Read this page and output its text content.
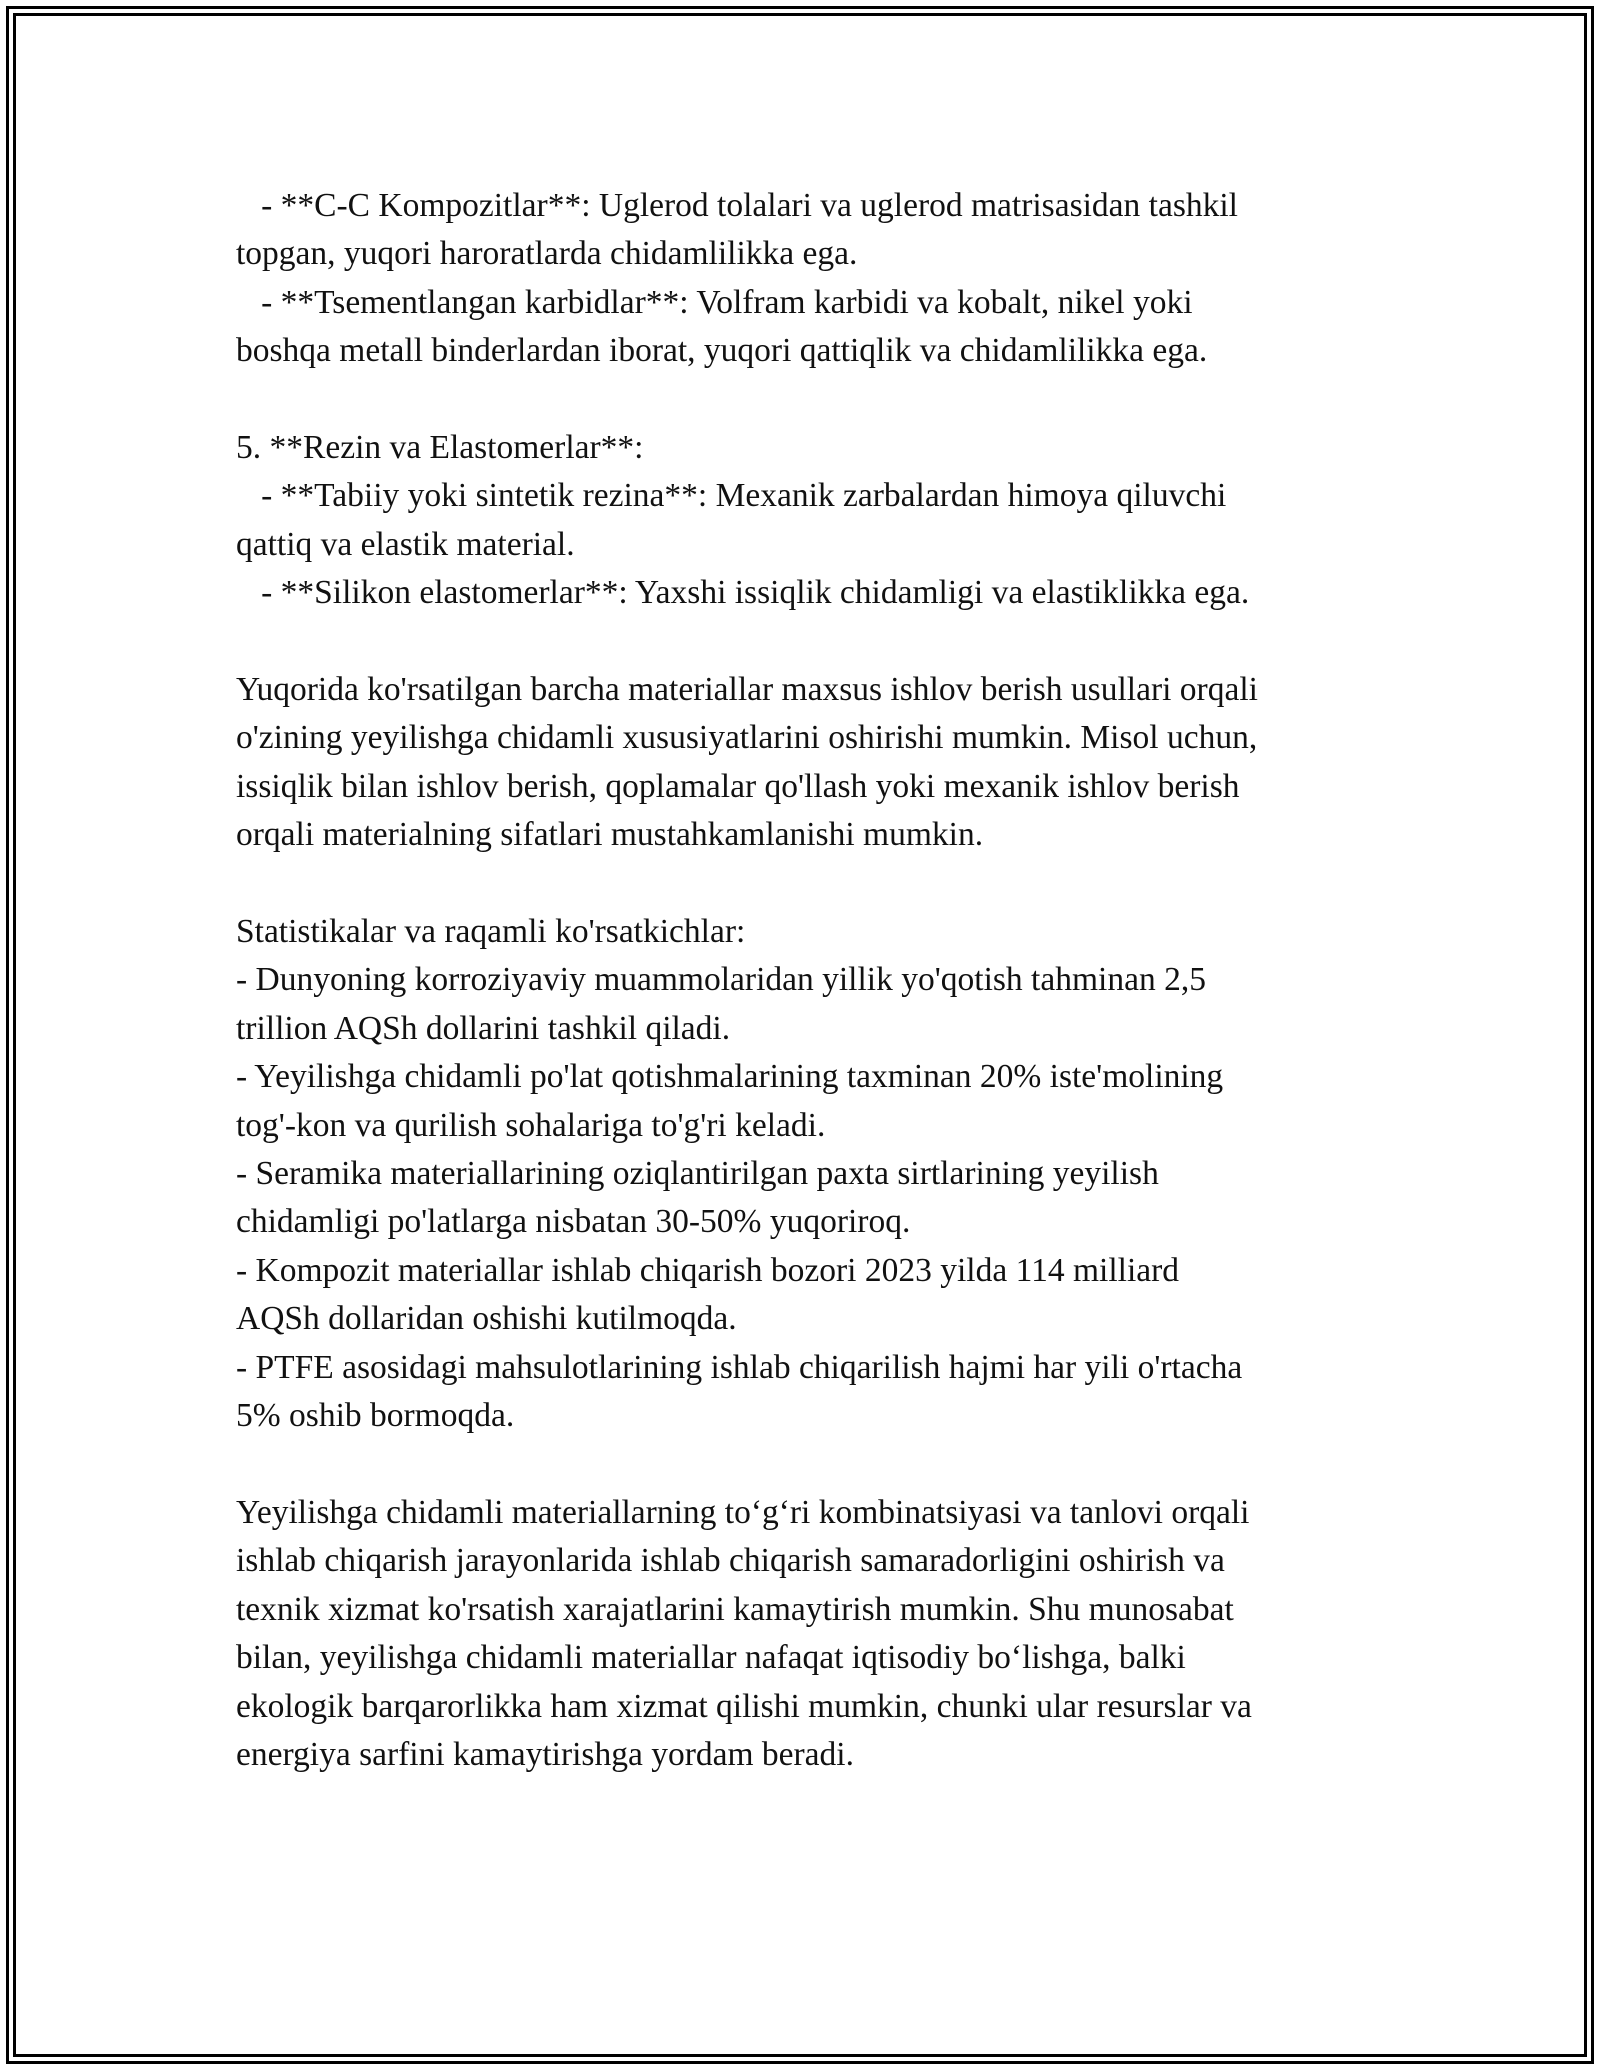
- **C-C Kompozitlar**: Uglerod tolalari va uglerod matrisasidan tashkil
topgan, yuqori haroratlarda chidamlilikka ega.
- **Tsementlangan karbidlar**: Volfram karbidi va kobalt, nikel yoki
boshqa metall binderlardan iborat, yuqori qattiqlik va chidamlilikka ega.
5. **Rezin va Elastomerlar**:
- **Tabiiy yoki sintetik rezina**: Mexanik zarbalardan himoya qiluvchi
qattiq va elastik material.
- **Silikon elastomerlar**: Yaxshi issiqlik chidamligi va elastiklikka ega.
Yuqorida ko'rsatilgan barcha materiallar maxsus ishlov berish usullari orqali
o'zining yeyilishga chidamli xususiyatlarini oshirishi mumkin. Misol uchun,
issiqlik bilan ishlov berish, qoplamalar qo'llash yoki mexanik ishlov berish
orqali materialning sifatlari mustahkamlanishi mumkin.
Statistikalar va raqamli ko'rsatkichlar:
- Dunyoning korroziyaviy muammolaridan yillik yo'qotish tahminan 2,5
trillion AQSh dollarini tashkil qiladi.
- Yeyilishga chidamli po'lat qotishmalarining taxminan 20% iste'molining
tog'-kon va qurilish sohalariga to'g'ri keladi.
- Seramika materiallarining oziqlantirilgan paxta sirtlarining yeyilish
chidamligi po'latlarga nisbatan 30-50% yuqoriroq.
- Kompozit materiallar ishlab chiqarish bozori 2023 yilda 114 milliard
AQSh dollaridan oshishi kutilmoqda.
- PTFE asosidagi mahsulotlarining ishlab chiqarilish hajmi har yili o'rtacha
5% oshib bormoqda.
Yeyilishga chidamli materiallarning to‘g‘ri kombinatsiyasi va tanlovi orqali
ishlab chiqarish jarayonlarida ishlab chiqarish samaradorligini oshirish va
texnik xizmat ko'rsatish xarajatlarini kamaytirish mumkin. Shu munosabat
bilan, yeyilishga chidamli materiallar nafaqat iqtisodiy bo‘lishga, balki
ekologik barqarorlikka ham xizmat qilishi mumkin, chunki ular resurslar va
energiya sarfini kamaytirishga yordam beradi.
